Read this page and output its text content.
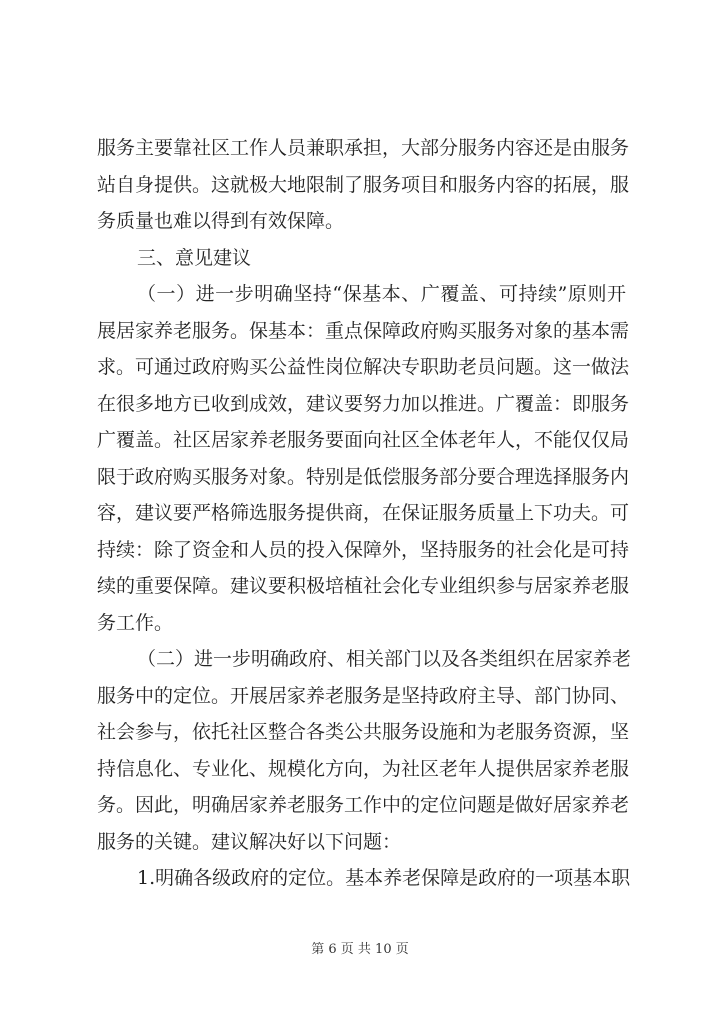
服务主要靠社区工作人员兼职承担，大部分服务内容还是由服务
站自身提供。这就极大地限制了服务项目和服务内容的拓展，服
务质量也难以得到有效保障。
三、意见建议
（一）进一步明确坚持“保基本、广覆盖、可持续”原则开
展居家养老服务。保基本：重点保障政府购买服务对象的基本需
求。可通过政府购买公益性岗位解决专职助老员问题。这一做法
在很多地方已收到成效，建议要努力加以推进。广覆盖：即服务
广覆盖。社区居家养老服务要面向社区全体老年人，不能仅仅局
限于政府购买服务对象。特别是低偿服务部分要合理选择服务内
容，建议要严格筛选服务提供商，在保证服务质量上下功夫。可
持续：除了资金和人员的投入保障外，坚持服务的社会化是可持
续的重要保障。建议要积极培植社会化专业组织参与居家养老服
务工作。
（二）进一步明确政府、相关部门以及各类组织在居家养老
服务中的定位。开展居家养老服务是坚持政府主导、部门协同、
社会参与，依托社区整合各类公共服务设施和为老服务资源，坚
持信息化、专业化、规模化方向，为社区老年人提供居家养老服
务。因此，明确居家养老服务工作中的定位问题是做好居家养老
服务的关键。建议解决好以下问题：
1.明确各级政府的定位。基本养老保障是政府的一项基本职
第 6 页 共 10 页
